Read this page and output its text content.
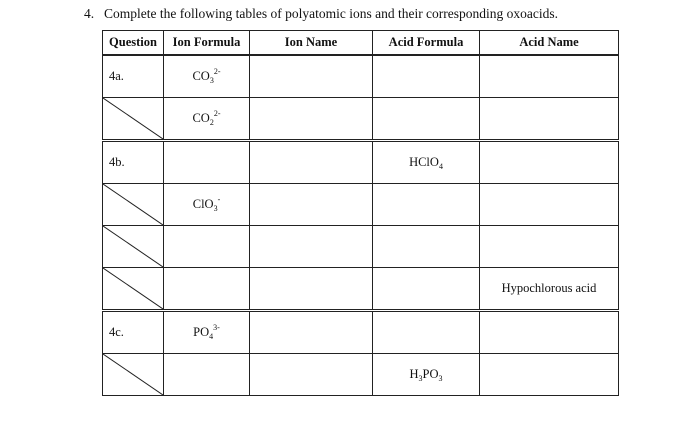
4. Complete the following tables of polyatomic ions and their corresponding oxoacids.
Question	Ion Formula	Ion Name	Acid Formula	Acid Name
4a.	$CO_3^{2-}$			

	$CO_2^{2-}$			
4b.			HClO$_4$	

	ClO$_3$-			

				Hypochlorous acid
4c.	$PO_4^{3-}$			

			$H_3PO_3$	
